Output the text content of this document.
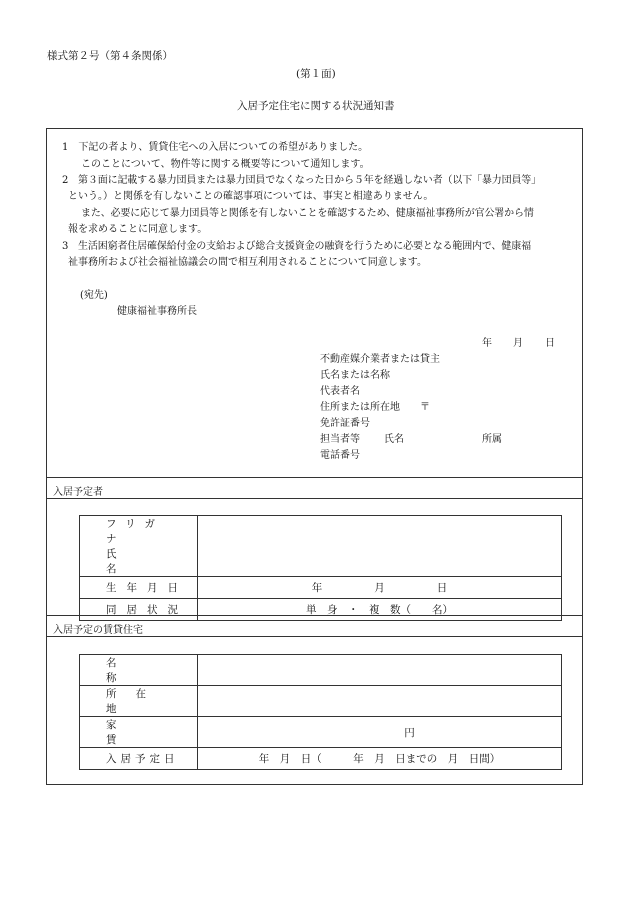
様式第２号（第４条関係）
(第１面)
入居予定住宅に関する状況通知書
1　下記の者より、賃貸住宅への入居についての希望がありました。
このことについて、物件等に関する概要等について通知します。
2　第３面に記載する暴力団員または暴力団員でなくなった日から５年を経過しない者（以下「暴力団員等」
という。）と関係を有しないことの確認事項については、事実と相違ありません。
また、必要に応じて暴力団員等と関係を有しないことを確認するため、健康福祉事務所が官公署から情
報を求めることに同意します。
3　生活困窮者住居確保給付金の支給および総合支援資金の融資を行うために必要となる範囲内で、健康福
祉事務所および社会福祉協議会の間で相互利用されることについて同意します。
(宛先)
健康福祉事務所長
年 月 日
不動産媒介業者または貸主
氏名または名称
代表者名
住所または所在地 〒
免許証番号
担当者等 氏名	所属
電話番号
入居予定者
フリガナ
氏名	

生年月日	年 月 日
同居状況	単　身　・　複　数（　　名）
入居予定の賃貸住宅
名称	
所在地	
家賃	円
入居予定日	年　月　日（　　　年　月　日までの　月　日間）
